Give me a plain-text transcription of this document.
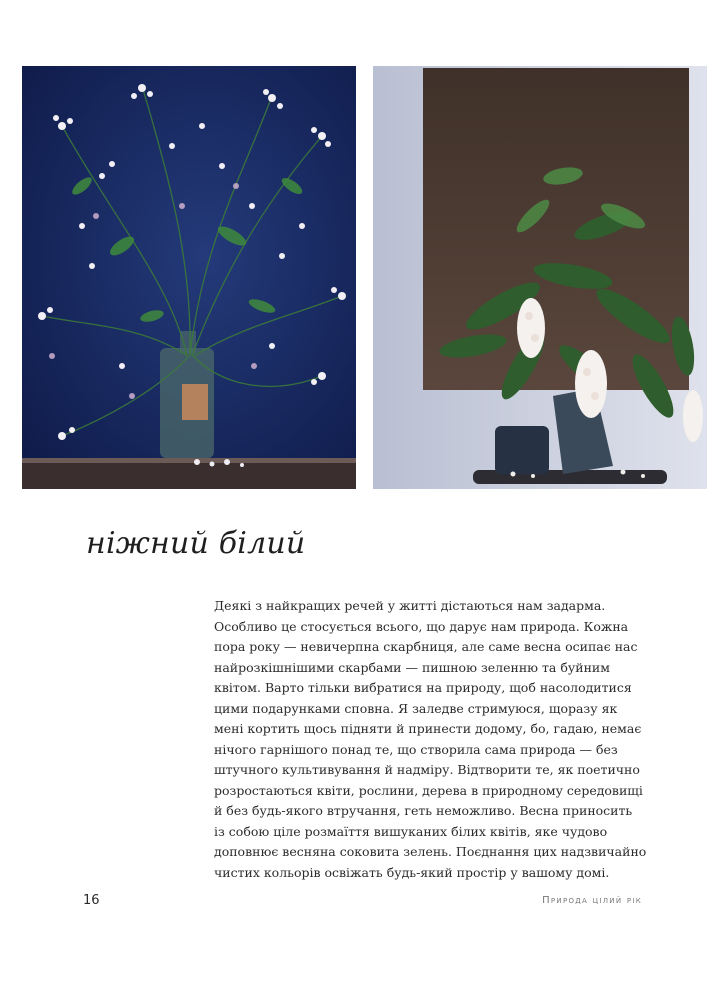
ніжний білий
Деякі з найкращих речей у житті дістаються нам задарма.
Особливо це стосується всього, що дарує нам природа. Кожна
пора року — невичерпна скарбниця, але саме весна осипає нас
найрозкішнішими скарбами — пишною зеленню та буйним
квітом. Варто тільки вибратися на природу, щоб насолодитися
цими подарунками сповна. Я заледве стримуюся, щоразу як
мені кортить щось підняти й принести додому, бо, гадаю, немає
нічого гарнішого понад те, що створила сама природа — без
штучного культивування й надміру. Відтворити те, як поетично
розростаються квіти, рослини, дерева в природному середовищі
й без будь-якого втручання, геть неможливо. Весна приносить
із собою ціле розмаїття вишуканих білих квітів, яке чудово
доповнює весняна соковита зелень. Поєднання цих надзвичайно
чистих кольорів освіжать будь-який простір у вашому домі.
16	Природа цілий рік
